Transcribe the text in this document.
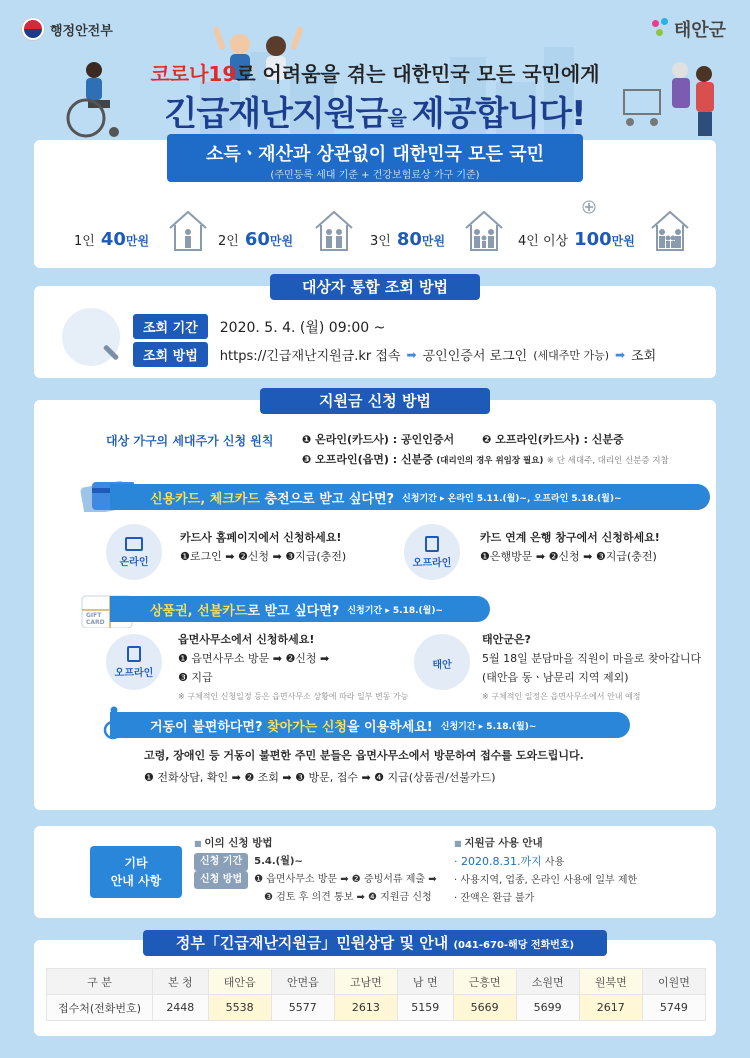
행정안전부	태안군
코로나19로 어려움을 겪는 대한민국 모든 국민에게
긴급재난지원금을 제공합니다!
소득ㆍ재산과 상관없이 대한민국 모든 국민
(주민등록 세대 기준 + 건강보험료상 가구 기준)
1인 40만원	2인 60만원	3인 80만원	4인 이상 100만원
대상자 통합 조회 방법
조회 기간	2020. 5. 4. (월) 09:00 ~
조회 방법	https://긴급재난지원금.kr 접속 ➡ 공인인증서 로그인 (세대주만 가능) ➡ 조회
지원금 신청 방법
대상 가구의 세대주가 신청 원칙	❶ 온라인(카드사) : 공인인증서	❷ 오프라인(카드사) : 신분증
❸ 오프라인(읍면) : 신분증 (대리인의 경우 위임장 필요) ※ 단 세대주, 대리인 신분증 지참
신용카드, 체크카드 충전으로 받고 싶다면? 신청기간 ▸ 온라인 5.11.(월)~, 오프라인 5.18.(월)~
온라인
카드사 홈페이지에서 신청하세요!
❶로그인 ➡ ❷신청 ➡ ❸지급(충전)	오프라인
카드 연계 은행 창구에서 신청하세요!
❶은행방문 ➡ ❷신청 ➡ ❸지급(충전)
GIFT CARD
상품권, 선불카드로 받고 싶다면? 신청기간 ▸ 5.18.(월)~
오프라인
읍면사무소에서 신청하세요!
❶ 읍면사무소 방문 ➡ ❷신청 ➡
❸ 지급
※ 구체적인 신청일정 등은 읍면사무소 상황에 따라 일부 변동 가능
태안
태안군은?
5월 18일 분담마을 직원이 마을로 찾아갑니다
(태안읍 동ㆍ남문리 지역 제외)
※ 구체적인 일정은 읍면사무소에서 안내 예정
거동이 불편하다면? 찾아가는 신청을 이용하세요! 신청기간 ▸ 5.18.(월)~
고령, 장애인 등 거동이 불편한 주민 분들은 읍면사무소에서 방문하여 접수를 도와드립니다.
❶ 전화상담, 확인 ➡ ❷ 조회 ➡ ❸ 방문, 접수 ➡ ❹ 지급(상품권/선불카드)
기타
안내 사항
■ 이의 신청 방법
신청 기간 5.4.(월)~
신청 방법 ❶ 읍면사무소 방문 ➡ ❷ 증빙서류 제출 ➡
❸ 검토 후 의견 통보 ➡ ❹ 지원금 신청
■ 지원금 사용 안내
· 2020.8.31.까지 사용
· 사용지역, 업종, 온라인 사용에 일부 제한
· 잔액은 환급 불가
정부「긴급재난지원금」민원상담 및 안내 (041-670-해당 전화번호)
구 분	본 청	태안읍	안면읍	고남면	남 면	근흥면	소원면	원북면	이원면
접수처(전화번호)	2448	5538	5577	2613	5159	5669	5699	2617	5749
